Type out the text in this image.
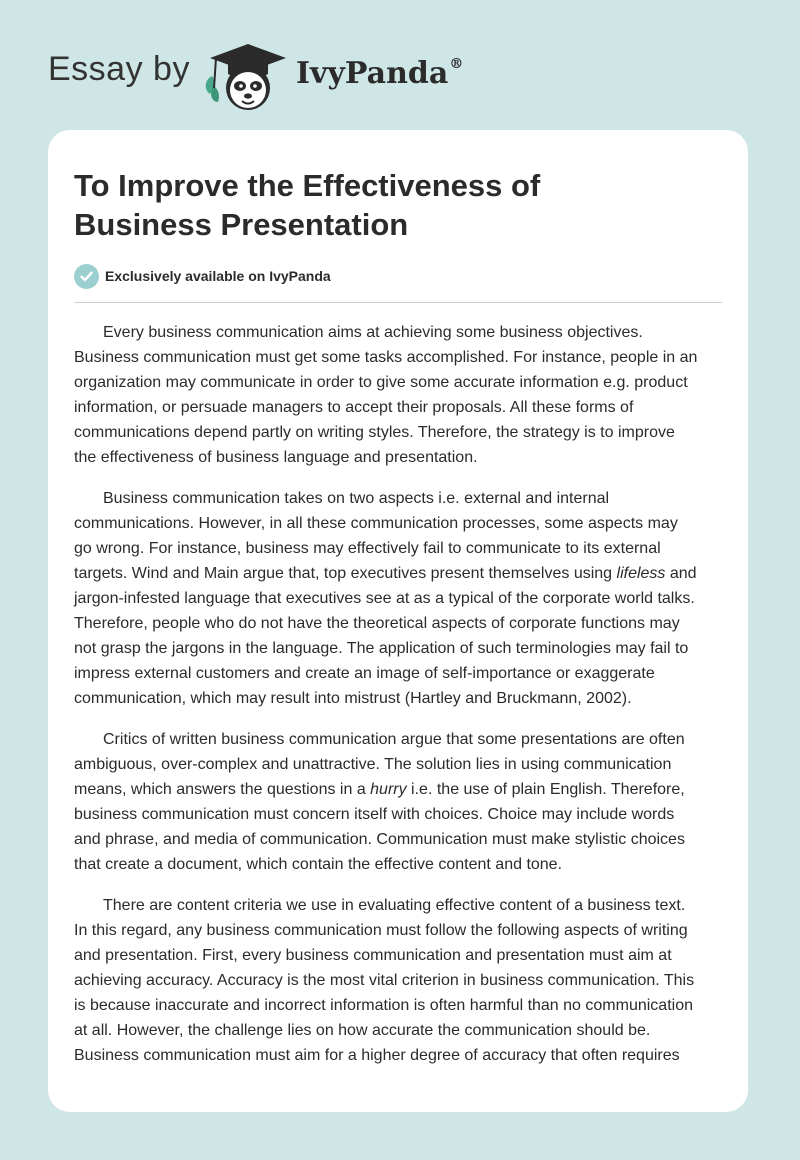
Essay by	IvyPanda®
To Improve the Effectiveness of
Business Presentation
Exclusively available on IvyPanda

Every business communication aims at achieving some business objectives.
Business communication must get some tasks accomplished. For instance, people in an
organization may communicate in order to give some accurate information e.g. product
information, or persuade managers to accept their proposals. All these forms of
communications depend partly on writing styles. Therefore, the strategy is to improve
the effectiveness of business language and presentation.

Business communication takes on two aspects i.e. external and internal
communications. However, in all these communication processes, some aspects may
go wrong. For instance, business may effectively fail to communicate to its external
targets. Wind and Main argue that, top executives present themselves using lifeless and
jargon-infested language that executives see at as a typical of the corporate world talks.
Therefore, people who do not have the theoretical aspects of corporate functions may
not grasp the jargons in the language. The application of such terminologies may fail to
impress external customers and create an image of self-importance or exaggerate
communication, which may result into mistrust (Hartley and Bruckmann, 2002).

Critics of written business communication argue that some presentations are often
ambiguous, over-complex and unattractive. The solution lies in using communication
means, which answers the questions in a hurry i.e. the use of plain English. Therefore,
business communication must concern itself with choices. Choice may include words
and phrase, and media of communication. Communication must make stylistic choices
that create a document, which contain the effective content and tone.

There are content criteria we use in evaluating effective content of a business text.
In this regard, any business communication must follow the following aspects of writing
and presentation. First, every business communication and presentation must aim at
achieving accuracy. Accuracy is the most vital criterion in business communication. This
is because inaccurate and incorrect information is often harmful than no communication
at all. However, the challenge lies on how accurate the communication should be.
Business communication must aim for a higher degree of accuracy that often requires
